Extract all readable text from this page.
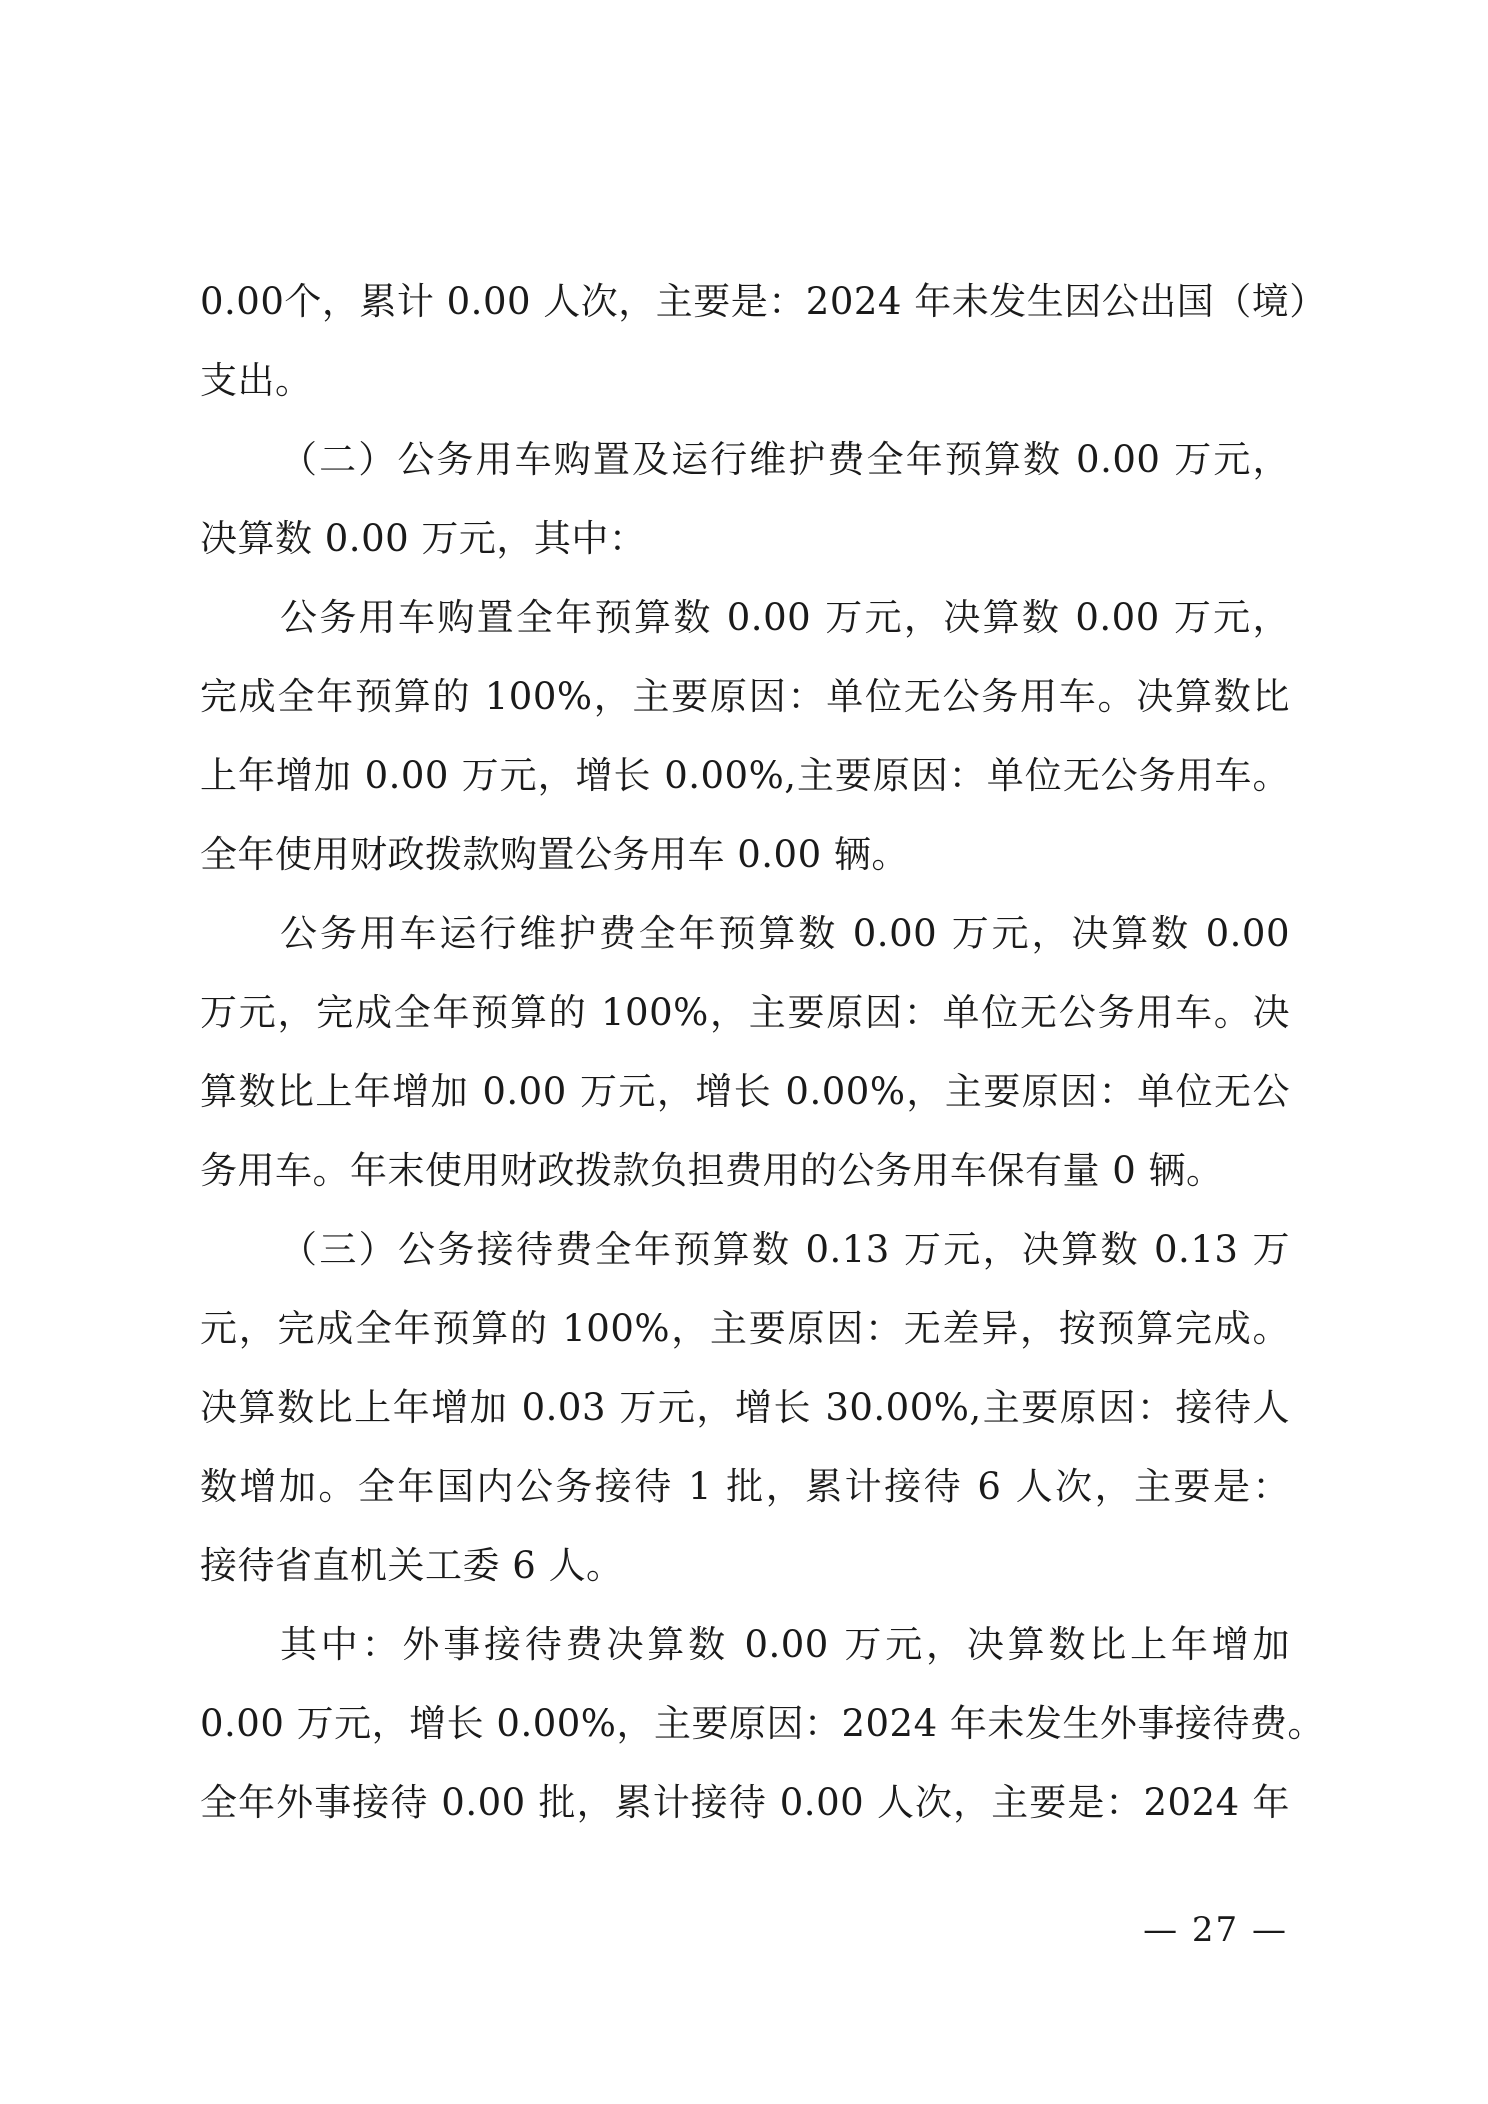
0.00个，累计 0.00 人次，主要是：2024 年未发生因公出国（境）
支出。
（二）公务用车购置及运行维护费全年预算数 0.00 万元，
决算数 0.00 万元，其中：
公务用车购置全年预算数 0.00 万元，决算数 0.00 万元，
完成全年预算的 100%，主要原因：单位无公务用车。决算数比
上年增加 0.00 万元，增长 0.00%,主要原因：单位无公务用车。
全年使用财政拨款购置公务用车 0.00 辆。
公务用车运行维护费全年预算数 0.00 万元，决算数 0.00
万元，完成全年预算的 100%，主要原因：单位无公务用车。决
算数比上年增加 0.00 万元，增长 0.00%，主要原因：单位无公
务用车。年末使用财政拨款负担费用的公务用车保有量 0 辆。
（三）公务接待费全年预算数 0.13 万元，决算数 0.13 万
元，完成全年预算的 100%，主要原因：无差异，按预算完成。
决算数比上年增加 0.03 万元，增长 30.00%,主要原因：接待人
数增加。全年国内公务接待 1 批，累计接待 6 人次，主要是：
接待省直机关工委 6 人。
其中：外事接待费决算数 0.00 万元，决算数比上年增加
0.00 万元，增长 0.00%，主要原因：2024 年未发生外事接待费。
全年外事接待 0.00 批，累计接待 0.00 人次，主要是：2024 年
— 27 —
